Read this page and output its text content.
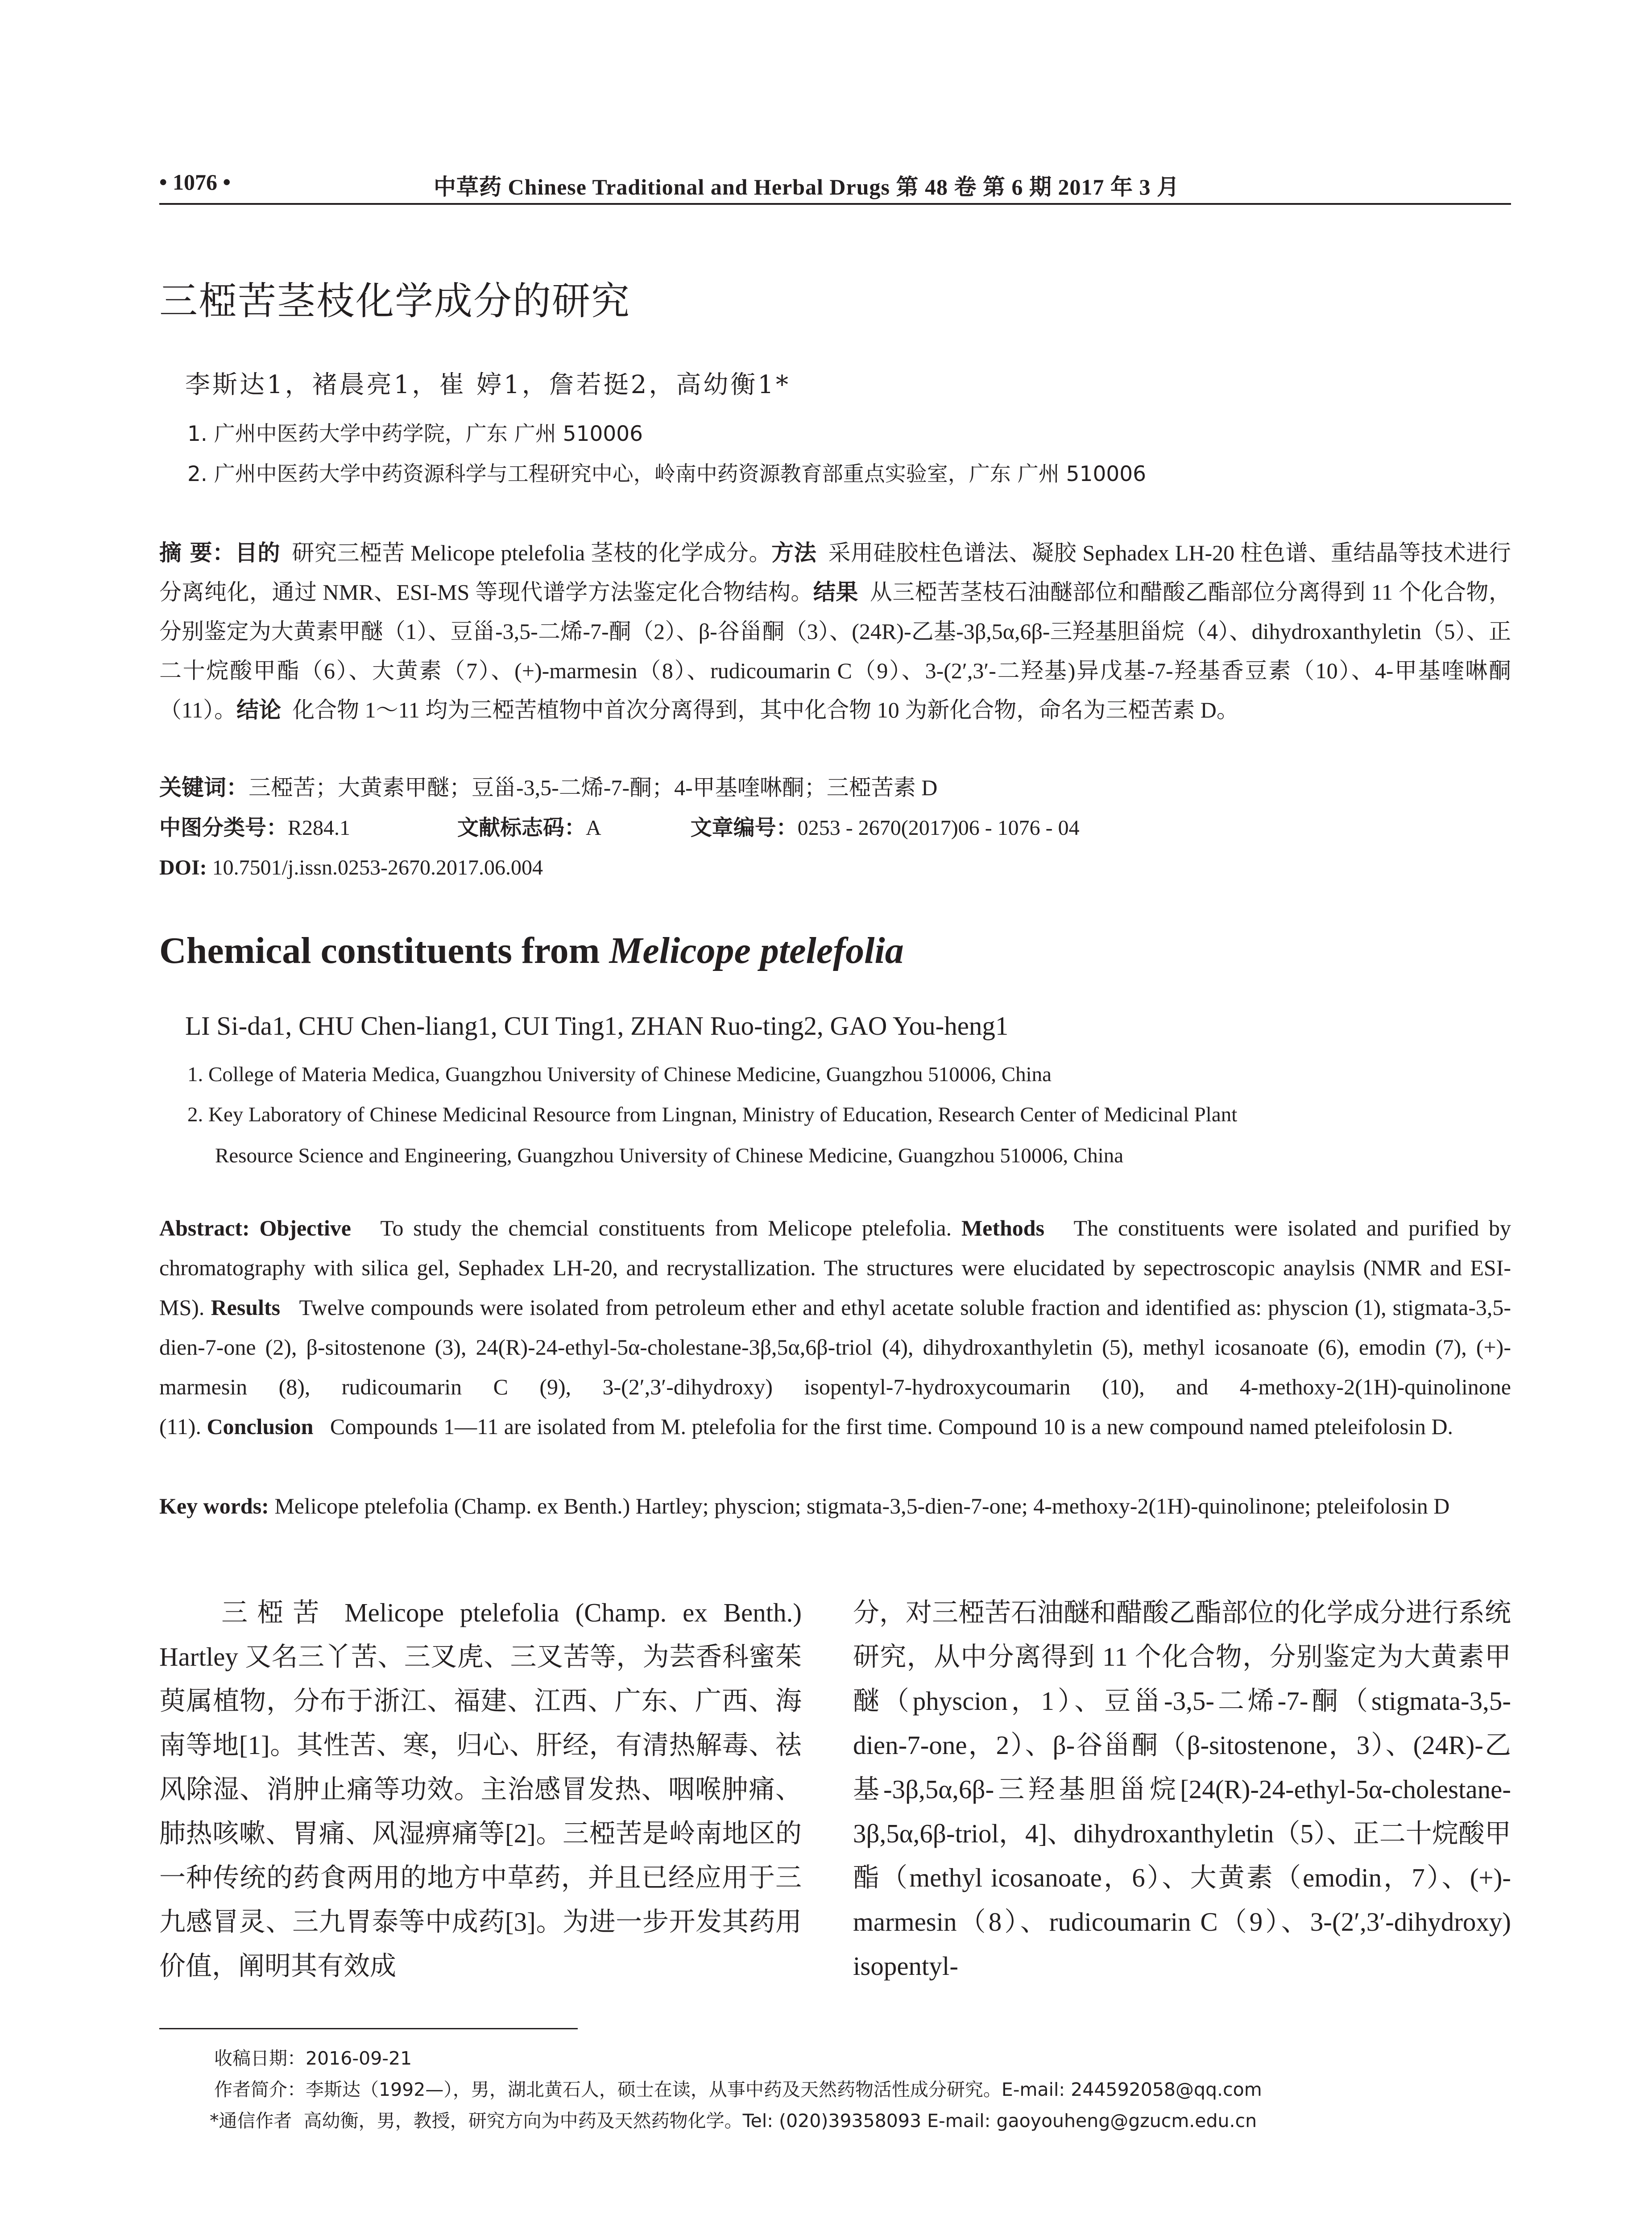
• 1076 •	中草药 Chinese Traditional and Herbal Drugs 第 48 卷 第 6 期 2017 年 3 月
三椏苦茎枝化学成分的研究
李斯达1，褚晨亮1，崔 婷1，詹若挺2，高幼衡1*
1. 广州中医药大学中药学院，广东 广州 510006
2. 广州中医药大学中药资源科学与工程研究中心，岭南中药资源教育部重点实验室，广东 广州 510006
摘 要：目的 研究三椏苦 Melicope ptelefolia 茎枝的化学成分。方法 采用硅胶柱色谱法、凝胶 Sephadex LH-20 柱色谱、重结晶等技术进行分离纯化，通过 NMR、ESI-MS 等现代谱学方法鉴定化合物结构。结果 从三椏苦茎枝石油醚部位和醋酸乙酯部位分离得到 11 个化合物，分别鉴定为大黄素甲醚（1）、豆甾-3,5-二烯-7-酮（2）、β-谷甾酮（3）、(24R)-乙基-3β,5α,6β-三羟基胆甾烷（4）、dihydroxanthyletin（5）、正二十烷酸甲酯（6）、大黄素（7）、(+)-marmesin（8）、rudicoumarin C（9）、3-(2′,3′-二羟基)异戊基-7-羟基香豆素（10）、4-甲基喹啉酮（11）。结论 化合物 1～11 均为三椏苦植物中首次分离得到，其中化合物 10 为新化合物，命名为三椏苦素 D。
关键词：三椏苦；大黄素甲醚；豆甾-3,5-二烯-7-酮；4-甲基喹啉酮；三椏苦素 D
中图分类号：R284.1	文献标志码：A	文章编号：0253 - 2670(2017)06 - 1076 - 04
DOI: 10.7501/j.issn.0253-2670.2017.06.004
Chemical constituents from Melicope ptelefolia
LI Si-da1, CHU Chen-liang1, CUI Ting1, ZHAN Ruo-ting2, GAO You-heng1
1. College of Materia Medica, Guangzhou University of Chinese Medicine, Guangzhou 510006, China
2. Key Laboratory of Chinese Medicinal Resource from Lingnan, Ministry of Education, Research Center of Medicinal Plant
Resource Science and Engineering, Guangzhou University of Chinese Medicine, Guangzhou 510006, China
Abstract: Objective To study the chemcial constituents from Melicope ptelefolia. Methods The constituents were isolated and purified by chromatography with silica gel, Sephadex LH-20, and recrystallization. The structures were elucidated by sepectroscopic anaylsis (NMR and ESI-MS). Results Twelve compounds were isolated from petroleum ether and ethyl acetate soluble fraction and identified as: physcion (1), stigmata-3,5-dien-7-one (2), β-sitostenone (3), 24(R)-24-ethyl-5α-cholestane-3β,5α,6β-triol (4), dihydroxanthyletin (5), methyl icosanoate (6), emodin (7), (+)-marmesin (8), rudicoumarin C (9), 3-(2′,3′-dihydroxy) isopentyl-7-hydroxycoumarin (10), and 4-methoxy-2(1H)-quinolinone (11). Conclusion Compounds 1—11 are isolated from M. ptelefolia for the first time. Compound 10 is a new compound named pteleifolosin D.
Key words: Melicope ptelefolia (Champ. ex Benth.) Hartley; physcion; stigmata-3,5-dien-7-one; 4-methoxy-2(1H)-quinolinone; pteleifolosin D
三椏苦 Melicope ptelefolia (Champ. ex Benth.) Hartley 又名三丫苦、三叉虎、三叉苦等，为芸香科蜜茱萸属植物，分布于浙江、福建、江西、广东、广西、海南等地[1]。其性苦、寒，归心、肝经，有清热解毒、祛风除湿、消肿止痛等功效。主治感冒发热、咽喉肿痛、肺热咳嗽、胃痛、风湿痹痛等[2]。三椏苦是岭南地区的一种传统的药食两用的地方中草药，并且已经应用于三九感冒灵、三九胃泰等中成药[3]。为进一步开发其药用价值，阐明其有效成
分，对三椏苦石油醚和醋酸乙酯部位的化学成分进行系统研究，从中分离得到 11 个化合物，分别鉴定为大黄素甲醚（physcion，1）、豆甾-3,5-二烯-7-酮（stigmata-3,5-dien-7-one，2）、β-谷甾酮（β-sitostenone，3）、(24R)-乙基-3β,5α,6β-三羟基胆甾烷[24(R)-24-ethyl-5α-cholestane-3β,5α,6β-triol，4]、dihydroxanthyletin（5）、正二十烷酸甲酯（methyl icosanoate，6）、大黄素（emodin，7）、(+)-marmesin（8）、rudicoumarin C（9）、3-(2′,3′-dihydroxy) isopentyl-
收稿日期：2016-09-21
作者简介：李斯达（1992—），男，湖北黄石人，硕士在读，从事中药及天然药物活性成分研究。E-mail: 244592058@qq.com
*通信作者 高幼衡，男，教授，研究方向为中药及天然药物化学。Tel: (020)39358093 E-mail: gaoyouheng@gzucm.edu.cn
